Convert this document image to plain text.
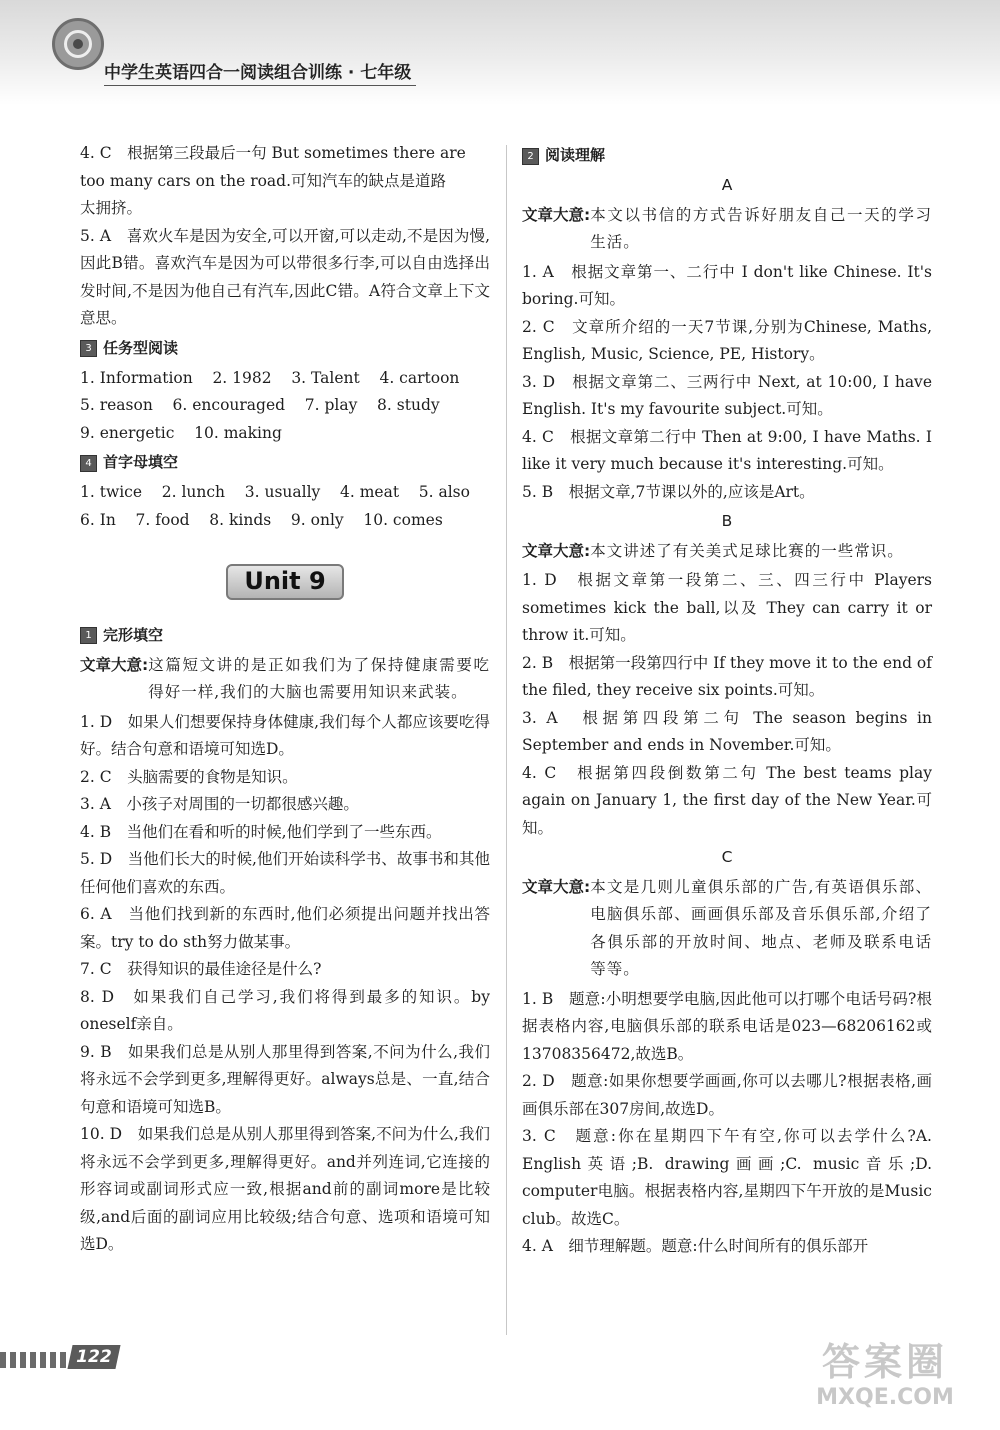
中学生英语四合一阅读组合训练 · 七年级

4. C　根据第三段最后一句 But sometimes there are

too many cars on the road.可知汽车的缺点是道路

太拥挤。

5. A　喜欢火车是因为安全,可以开窗,可以走动,不是因为慢,因此B错。喜欢汽车是因为可以带很多行李,可以自由选择出发时间,不是因为他自己有汽车,因此C错。A符合文章上下文意思。

3 任务型阅读

1. Information    2. 1982    3. Talent    4. cartoon

5. reason    6. encouraged    7. play    8. study

9. energetic    10. making

4 首字母填空

1. twice    2. lunch    3. usually    4. meat    5. also

6. In    7. food    8. kinds    9. only    10. comes

Unit 9
1 完形填空
文章大意: 这篇短文讲的是正如我们为了保持健康需要吃得好一样,我们的大脑也需要用知识来武装。

1. D　如果人们想要保持身体健康,我们每个人都应该要吃得好。结合句意和语境可知选D。

2. C　头脑需要的食物是知识。

3. A　小孩子对周围的一切都很感兴趣。

4. B　当他们在看和听的时候,他们学到了一些东西。

5. D　当他们长大的时候,他们开始读科学书、故事书和其他任何他们喜欢的东西。

6. A　当他们找到新的东西时,他们必须提出问题并找出答案。try to do sth努力做某事。

7. C　获得知识的最佳途径是什么?

8. D　如果我们自己学习,我们将得到最多的知识。by oneself亲自。

9. B　如果我们总是从别人那里得到答案,不问为什么,我们将永远不会学到更多,理解得更好。always总是、一直,结合句意和语境可知选B。

10. D　如果我们总是从别人那里得到答案,不问为什么,我们将永远不会学到更多,理解得更好。and并列连词,它连接的形容词或副词形式应一致,根据and前的副词more是比较级,and后面的副词应用比较级;结合句意、选项和语境可知选D。

2 阅读理解

A

文章大意: 本文以书信的方式告诉好朋友自己一天的学习生活。

1. A　根据文章第一、二行中 I don't like Chinese. It's boring.可知。

2. C　文章所介绍的一天7节课,分别为Chinese, Maths, English, Music, Science, PE, History。

3. D　根据文章第二、三两行中 Next, at 10:00, I have English. It's my favourite subject.可知。

4. C　根据文章第二行中 Then at 9:00, I have Maths. I like it very much because it's interesting.可知。

5. B　根据文章,7节课以外的,应该是Art。

B

文章大意: 本文讲述了有关美式足球比赛的一些常识。

1. D　根据文章第一段第二、三、四三行中 Players sometimes kick the ball,以及 They can carry it or throw it.可知。

2. B　根据第一段第四行中 If they move it to the end of the filed, they receive six points.可知。

3. A　根据第四段第二句 The season begins in September and ends in November.可知。

4. C　根据第四段倒数第二句 The best teams play again on January 1, the first day of the New Year.可知。

C

文章大意: 本文是几则儿童俱乐部的广告,有英语俱乐部、电脑俱乐部、画画俱乐部及音乐俱乐部,介绍了各俱乐部的开放时间、地点、老师及联系电话等等。

1. B　题意:小明想要学电脑,因此他可以打哪个电话号码?根据表格内容,电脑俱乐部的联系电话是023—68206162或13708356472,故选B。

2. D　题意:如果你想要学画画,你可以去哪儿?根据表格,画画俱乐部在307房间,故选D。

3. C　题意:你在星期四下午有空,你可以去学什么?A. English英语;B. drawing画画;C. music音乐;D. computer电脑。根据表格内容,星期四下午开放的是Music club。故选C。

4. A　细节理解题。题意:什么时间所有的俱乐部开

122	答案圈
MXQE.COM
